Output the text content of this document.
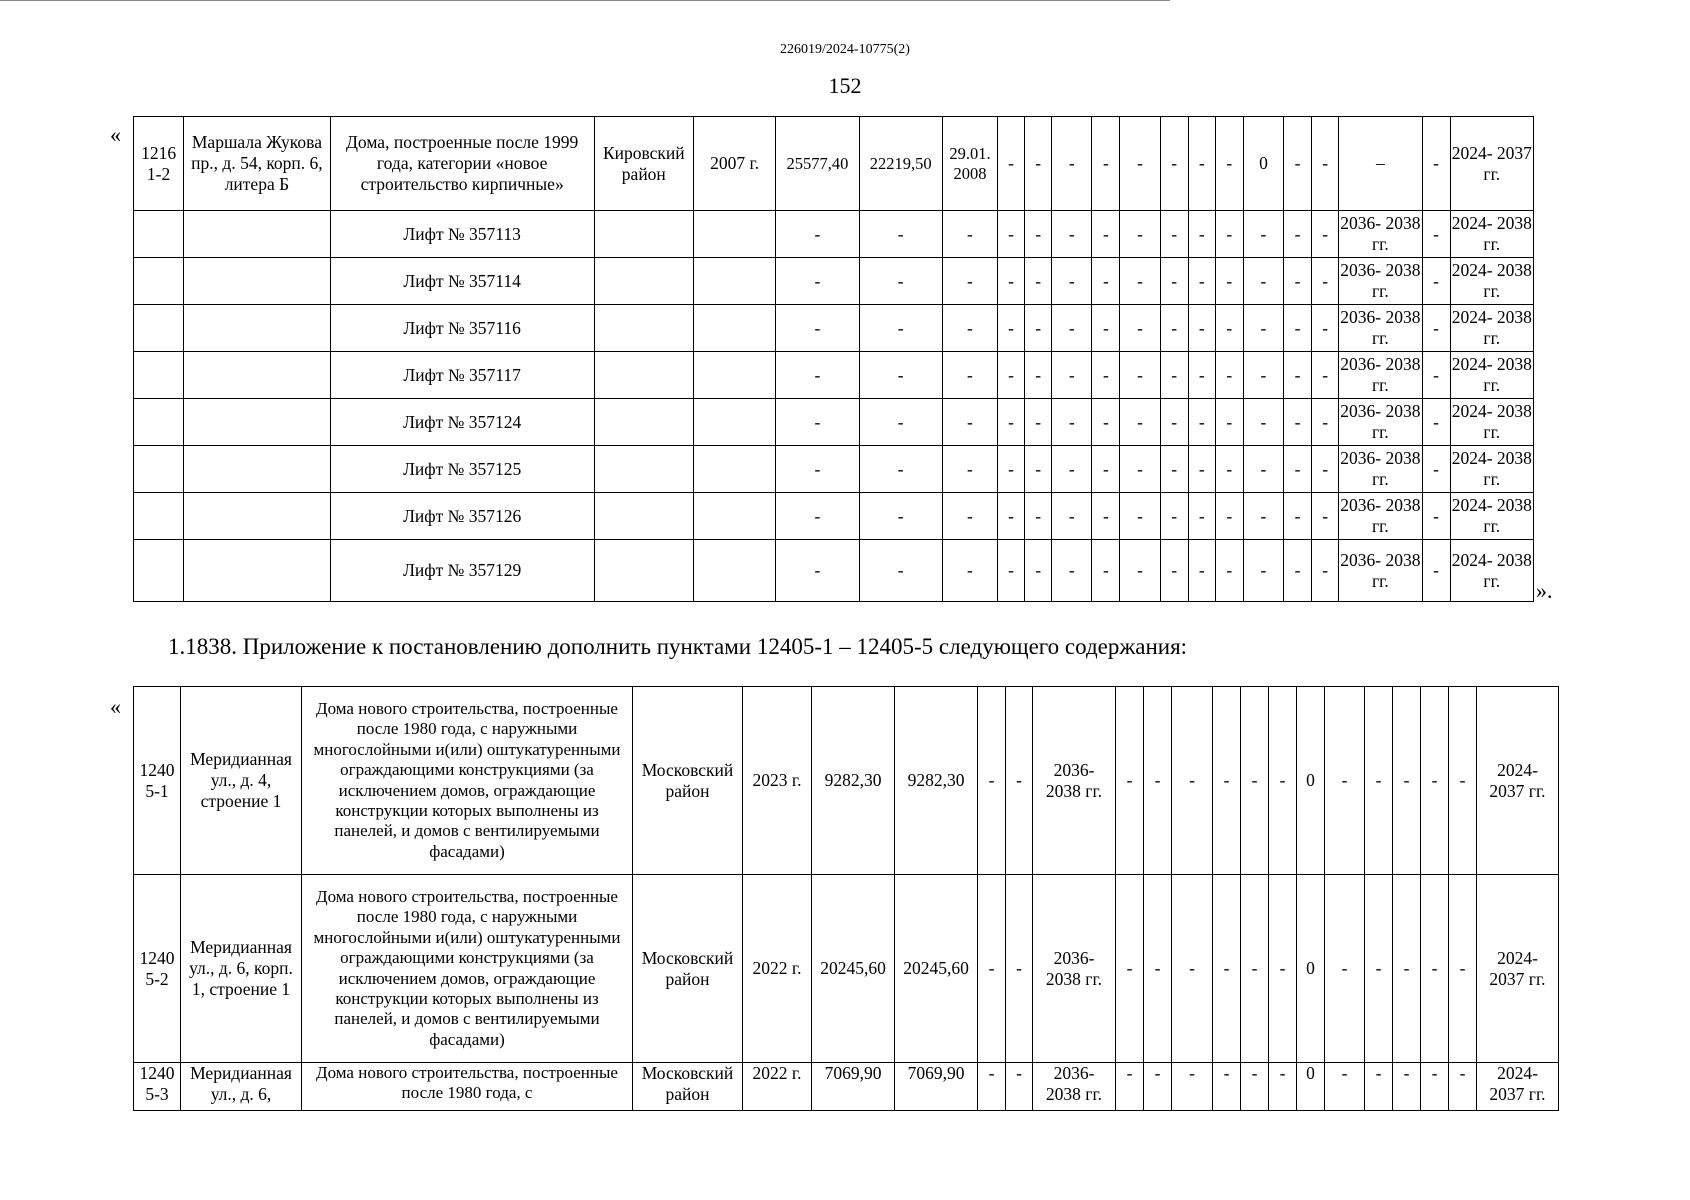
226019/2024-10775(2)
152
«
».
1.1838. Приложение к постановлению дополнить пунктами 12405-1 – 12405-5 следующего содержания:
«
1216 1-2	Маршала Жукова пр., д. 54, корп. 6, литера Б	Дома, построенные после 1999 года, категории «новое строительство кирпичные»	Кировский район	2007 г.	25577,40	22219,50	29.01. 2008	-	-	-	-	-	-	-	-	0	-	-	–	-	2024- 2037 гг.
		Лифт № 357113			-	-	-	-	-	-	-	-	-	-	-	-	-	-	2036- 2038 гг.	-	2024- 2038 гг.
		Лифт № 357114			-	-	-	-	-	-	-	-	-	-	-	-	-	-	2036- 2038 гг.	-	2024- 2038 гг.
		Лифт № 357116			-	-	-	-	-	-	-	-	-	-	-	-	-	-	2036- 2038 гг.	-	2024- 2038 гг.
		Лифт № 357117			-	-	-	-	-	-	-	-	-	-	-	-	-	-	2036- 2038 гг.	-	2024- 2038 гг.
		Лифт № 357124			-	-	-	-	-	-	-	-	-	-	-	-	-	-	2036- 2038 гг.	-	2024- 2038 гг.
		Лифт № 357125			-	-	-	-	-	-	-	-	-	-	-	-	-	-	2036- 2038 гг.	-	2024- 2038 гг.
		Лифт № 357126			-	-	-	-	-	-	-	-	-	-	-	-	-	-	2036- 2038 гг.	-	2024- 2038 гг.
		Лифт № 357129			-	-	-	-	-	-	-	-	-	-	-	-	-	-	2036- 2038 гг.	-	2024- 2038 гг.
1240 5-1	Меридианная ул., д. 4, строение 1	Дома нового строительства, построенные после 1980 года, с наружными многослойными и(или) оштукатуренными ограждающими конструкциями (за исключением домов, ограждающие конструкции которых выполнены из панелей, и домов с вентилируемыми фасадами)	Московский район	2023 г.	9282,30	9282,30	-	-	2036- 2038 гг.	-	-	-	-	-	-	0	-	-	-	-	-	2024- 2037 гг.
1240 5-2	Меридианная ул., д. 6, корп. 1, строение 1	Дома нового строительства, построенные после 1980 года, с наружными многослойными и(или) оштукатуренными ограждающими конструкциями (за исключением домов, ограждающие конструкции которых выполнены из панелей, и домов с вентилируемыми фасадами)	Московский район	2022 г.	20245,60	20245,60	-	-	2036- 2038 гг.	-	-	-	-	-	-	0	-	-	-	-	-	2024- 2037 гг.
1240 5-3	Меридианная ул., д. 6,	Дома нового строительства, построенные после 1980 года, с	Московский район	2022 г.	7069,90	7069,90	-	-	2036- 2038 гг.	-	-	-	-	-	-	0	-	-	-	-	-	2024- 2037 гг.
